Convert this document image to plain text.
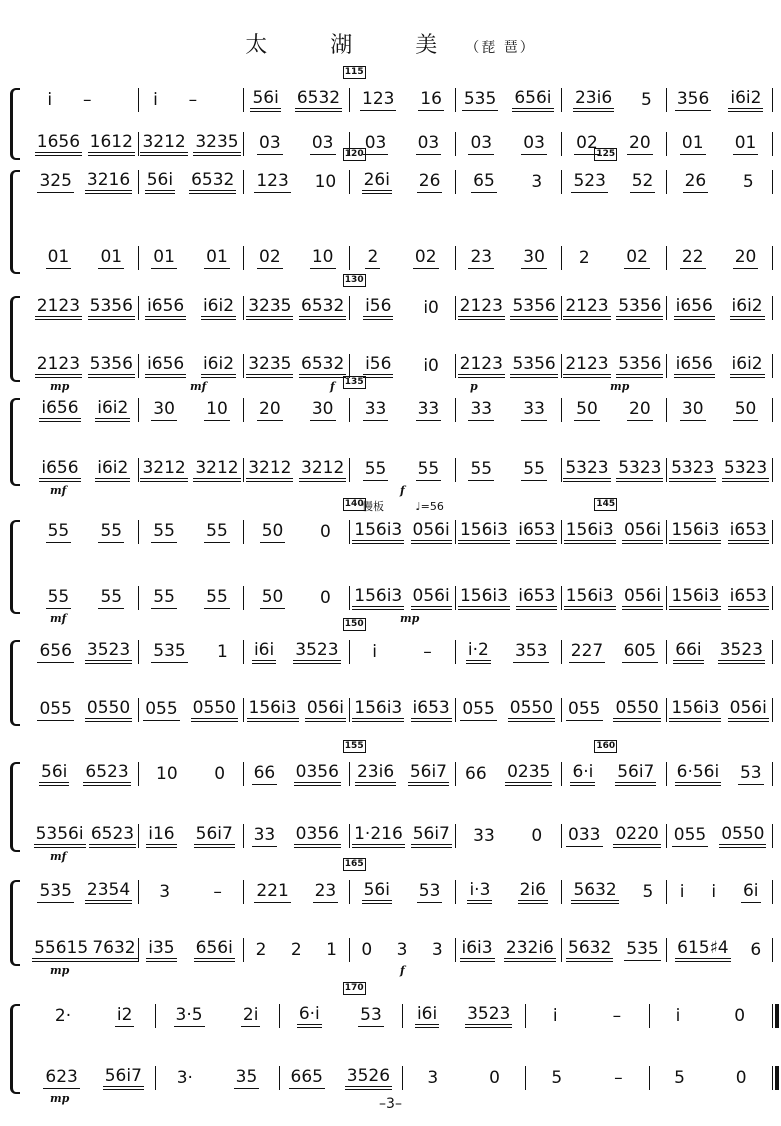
太 湖 美（琵 琶）
i̇ –	i̇ –	56i̇ 6532 123 16 535 656i̇ 23i̇6 5 356 i̇6i̇2
1656 1612 3212 3235 03 03 03 03 03 03 02 20 01 01
115
325 3216 56i̇ 6532 123 10 26i̇ 26 65 3 523 52 26 5
01 01 01 01 02 10 2 02 23 30 2 02 22 20
120	125
2123 5356 i̇656 i̇6i̇2 3235 6532 i̇56 i̇0 2123 5356 2123 5356 i̇656 i̇6i̇2
2123 5356 i̇656 i̇6i̇2 3235 6532 i̇56 i̇0 2123 5356 2123 5356 i̇656 i̇6i̇2
130
mp	mf	f	p	mp
i̇656 i̇6i̇2 30 10 20 30 33 33 33 33 50 20 30 50
i̇656 i̇6i̇2 3212 3212 3212 3212 55 55 55 55 5323 5323 5323 5323
135
mf	f
55 55 55 55 50 0 156i̇3 056i̇ 156i̇3 i̇653 156i̇3 056i̇ 156i̇3 i̇653
55 55 55 55 50 0 156i̇3 056i̇ 156i̇3 i̇653 156i̇3 056i̇ 156i̇3 i̇653
140	145
mf	mp
慢板	♩=56
656 3523 535 1 i̇6i̇ 3523 i̇	– i̇·2 353 227 605 66i̇ 3523
055 0550 055 0550 156i̇3 056i̇ 156i̇3 i̇653 055 0550 055 0550 156i̇3 056i̇
150
56i̇ 6523 10 0 66 0356 23i̇6 56i̇7 66 0235 6·i̇ 56i̇7 6·56i̇ 53
5356i̇ 6523 i̇16 56i̇7 33 0356 1·216 56i̇7 33 0 033 0220 055 0550
155	160
mf
535 2354 3	– 221 23 56i̇ 53 i̇·3 2i̇6 5632 5 i̇ i̇ 6i̇
55615 7632 i̇35 656i̇ 2 2 1 0 3 3 i̇6i̇3 232i̇6 5632 535 615♯4 6
165
mp	f
2·	i̇2	3·5 2i̇ 6·i̇ 53 i̇6i̇ 3523 i̇	–	i̇	0
623 56i̇7 3·	35 665 3526 3	0	5	–	5	0
170
mp	–3–
